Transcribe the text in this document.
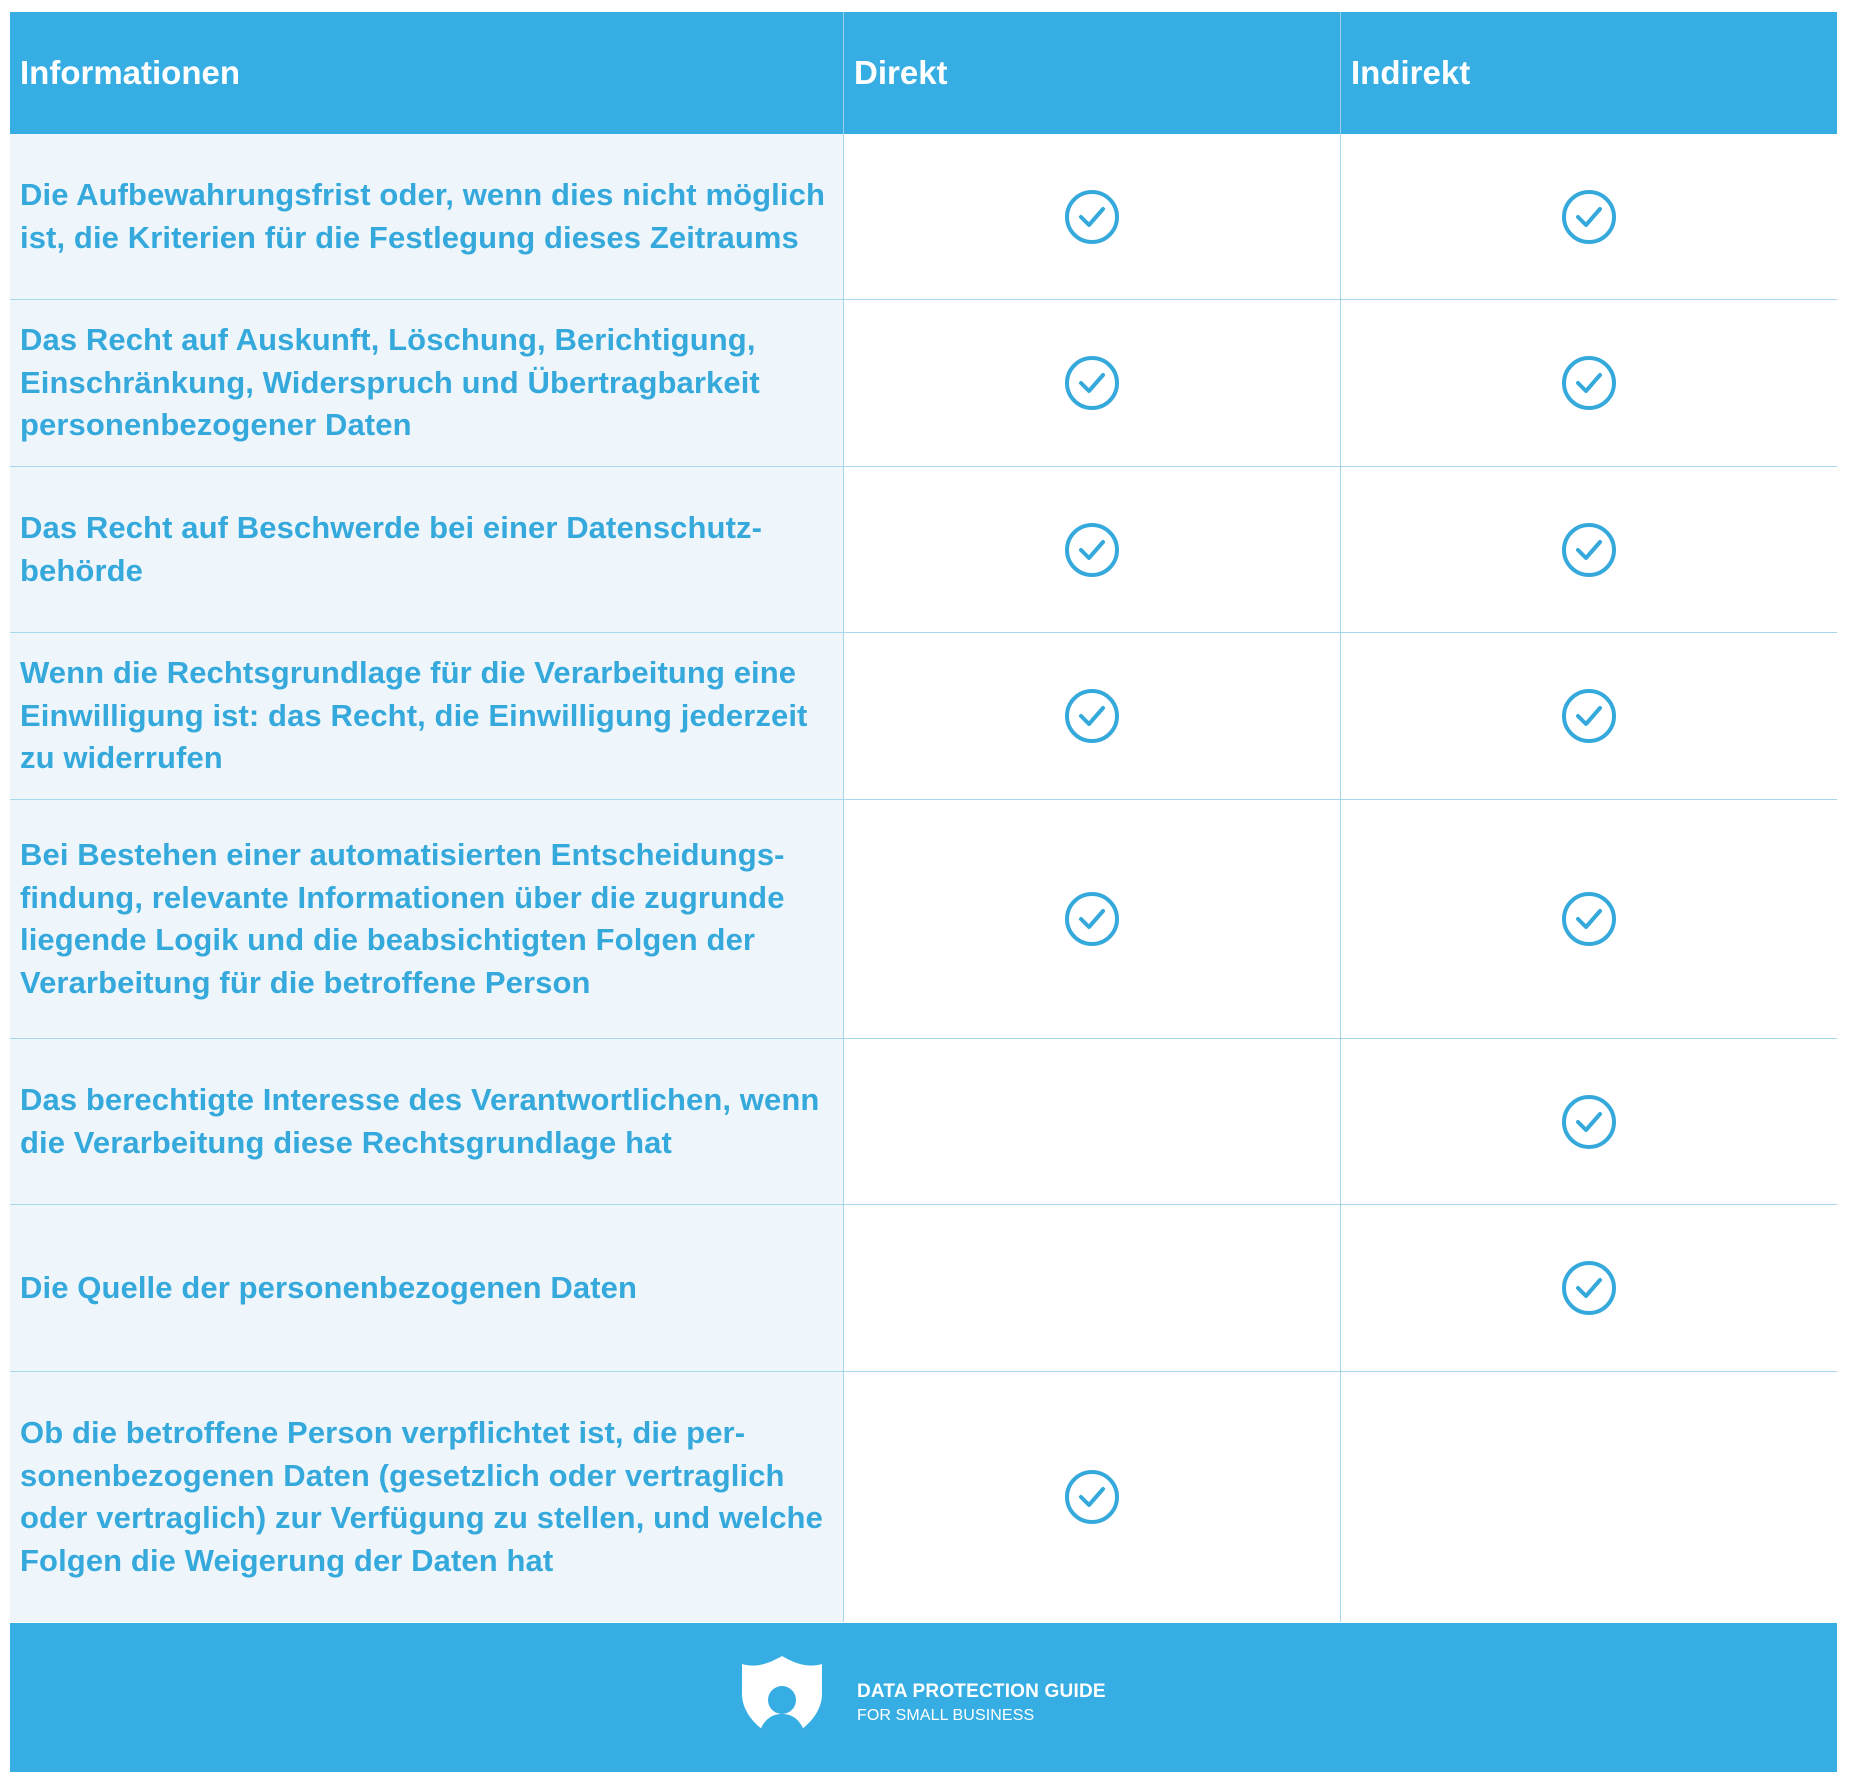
Informationen	Direkt	Indirekt
Die Aufbewahrungsfrist oder, wenn dies nicht möglich ist, die Kriterien für die Festlegung dieses Zeitraums
Das Recht auf Auskunft, Löschung, Berichtigung, Einschränkung, Widerspruch und Übertragbarkeit personenbezogener Daten
Das Recht auf Beschwerde bei einer Datenschutz-behörde
Wenn die Rechtsgrundlage für die Verarbeitung eine Einwilligung ist: das Recht, die Einwilligung jederzeit zu widerrufen
Bei Bestehen einer automatisierten Entscheidungs-findung, relevante Informationen über die zugrunde liegende Logik und die beabsichtigten Folgen der Verarbeitung für die betroffene Person
Das berechtigte Interesse des Verantwortlichen, wenn die Verarbeitung diese Rechtsgrundlage hat
Die Quelle der personenbezogenen Daten
Ob die betroffene Person verpflichtet ist, die per-sonenbezogenen Daten (gesetzlich oder vertraglich oder vertraglich) zur Verfügung zu stellen, und welche Folgen die Weigerung der Daten hat
DATA PROTECTION GUIDE
FOR SMALL BUSINESS
